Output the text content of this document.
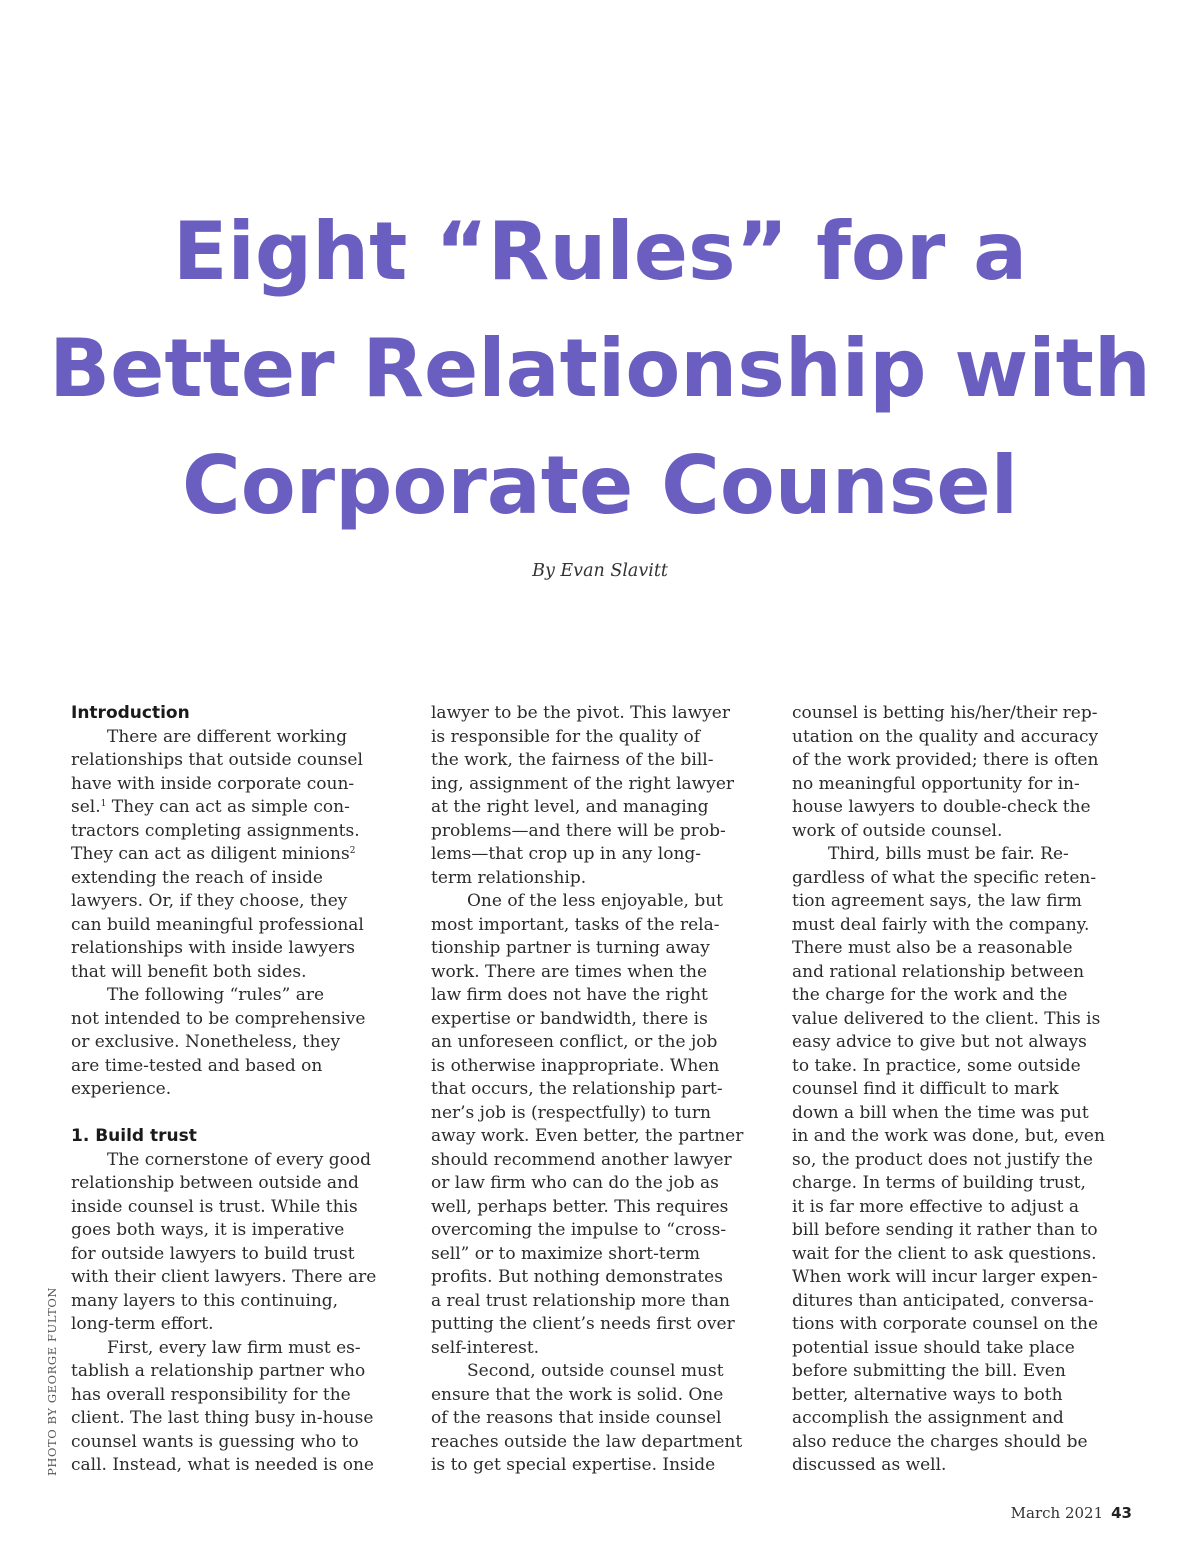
Eight “Rules” for a
Better Relationship with
Corporate Counsel
By Evan Slavitt

Introduction

There are different working

relationships that outside counsel

have with inside corporate coun-

sel.$^1$ They can act as simple con-

tractors completing assignments.

They can act as diligent minions$^2$

extending the reach of inside

lawyers. Or, if they choose, they

can build meaningful professional

relationships with inside lawyers

that will benefit both sides.

The following “rules” are

not intended to be comprehensive

or exclusive. Nonetheless, they

are time-tested and based on

experience.

1. Build trust

The cornerstone of every good

relationship between outside and

inside counsel is trust. While this

goes both ways, it is imperative

for outside lawyers to build trust

with their client lawyers. There are

many layers to this continuing,

long-term effort.

First, every law firm must es-

tablish a relationship partner who

has overall responsibility for the

client. The last thing busy in-house

counsel wants is guessing who to

call. Instead, what is needed is one

lawyer to be the pivot. This lawyer

is responsible for the quality of

the work, the fairness of the bill-

ing, assignment of the right lawyer

at the right level, and managing

problems—and there will be prob-

lems—that crop up in any long-

term relationship.

One of the less enjoyable, but

most important, tasks of the rela-

tionship partner is turning away

work. There are times when the

law firm does not have the right

expertise or bandwidth, there is

an unforeseen conflict, or the job

is otherwise inappropriate. When

that occurs, the relationship part-

ner’s job is (respectfully) to turn

away work. Even better, the partner

should recommend another lawyer

or law firm who can do the job as

well, perhaps better. This requires

overcoming the impulse to “cross-

sell” or to maximize short-term

profits. But nothing demonstrates

a real trust relationship more than

putting the client’s needs first over

self-interest.

Second, outside counsel must

ensure that the work is solid. One

of the reasons that inside counsel

reaches outside the law department

is to get special expertise. Inside

counsel is betting his/her/their rep-

utation on the quality and accuracy

of the work provided; there is often

no meaningful opportunity for in-

house lawyers to double-check the

work of outside counsel.

Third, bills must be fair. Re-

gardless of what the specific reten-

tion agreement says, the law firm

must deal fairly with the company.

There must also be a reasonable

and rational relationship between

the charge for the work and the

value delivered to the client. This is

easy advice to give but not always

to take. In practice, some outside

counsel find it difficult to mark

down a bill when the time was put

in and the work was done, but, even

so, the product does not justify the

charge. In terms of building trust,

it is far more effective to adjust a

bill before sending it rather than to

wait for the client to ask questions.

When work will incur larger expen-

ditures than anticipated, conversa-

tions with corporate counsel on the

potential issue should take place

before submitting the bill. Even

better, alternative ways to both

accomplish the assignment and

also reduce the charges should be

discussed as well.

PHOTO BY GEORGE FULTON
March 2021 43
